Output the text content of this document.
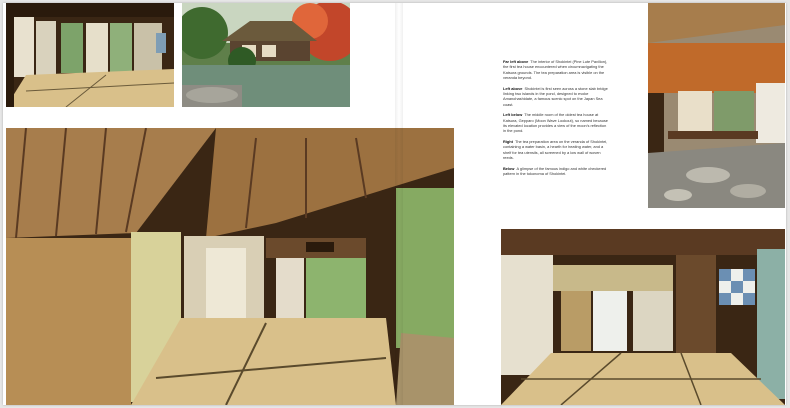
Far left above The interior of Shokintei (Pine Lute Pavilion), the first tea house encountered when circumnavigating the Katsura grounds. The tea preparation area is visible on the veranda beyond.

Left above Shokintei is first seen across a stone slab bridge linking two islands in the pond, designed to evoke Amanohashidate, a famous scenic spot on the Japan Sea coast.

Left below The middle room of the oldest tea house at Katsura, Gepparo (Moon Wave Lookout), so named because its elevated location provides a view of the moon's reflection in the pond.

Right The tea preparation area on the veranda of Shokintei, containing a water basin, a hearth for heating water, and a shelf for tea utensils, all screened by a low wall of woven reeds.

Below A glimpse of the famous indigo and white checkered pattern in the tokonoma of Shokintei.
